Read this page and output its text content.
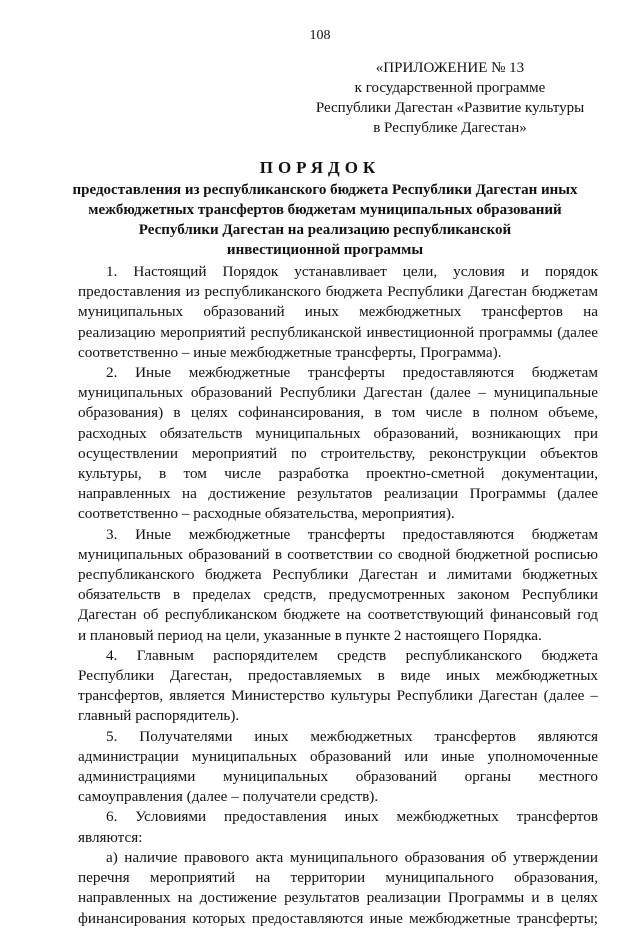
108
«ПРИЛОЖЕНИЕ № 13
к государственной программе
Республики Дагестан «Развитие культуры
в Республике Дагестан»
ПОРЯДОК
предоставления из республиканского бюджета Республики Дагестан иных
межбюджетных трансфертов бюджетам муниципальных образований
Республики Дагестан на реализацию республиканской
инвестиционной программы
1. Настоящий Порядок устанавливает цели, условия и порядок
предоставления из республиканского бюджета Республики Дагестан бюджетам
муниципальных образований иных межбюджетных трансфертов на
реализацию мероприятий республиканской инвестиционной программы (далее
соответственно – иные межбюджетные трансферты, Программа).
2. Иные межбюджетные трансферты предоставляются бюджетам
муниципальных образований Республики Дагестан (далее – муниципальные
образования) в целях софинансирования, в том числе в полном объеме,
расходных обязательств муниципальных образований, возникающих при
осуществлении мероприятий по строительству, реконструкции объектов
культуры, в том числе разработка проектно-сметной документации,
направленных на достижение результатов реализации Программы (далее
соответственно – расходные обязательства, мероприятия).
3. Иные межбюджетные трансферты предоставляются бюджетам
муниципальных образований в соответствии со сводной бюджетной росписью
республиканского бюджета Республики Дагестан и лимитами бюджетных
обязательств в пределах средств, предусмотренных законом Республики
Дагестан об республиканском бюджете на соответствующий финансовый год
и плановый период на цели, указанные в пункте 2 настоящего Порядка.
4. Главным распорядителем средств республиканского бюджета
Республики Дагестан, предоставляемых в виде иных межбюджетных
трансфертов, является Министерство культуры Республики Дагестан (далее –
главный распорядитель).
5. Получателями иных межбюджетных трансфертов являются
администрации муниципальных образований или иные уполномоченные
администрациями муниципальных образований органы местного
самоуправления (далее – получатели средств).
6. Условиями предоставления иных межбюджетных трансфертов
являются:
а) наличие правового акта муниципального образования об утверждении
перечня мероприятий на территории муниципального образования,
направленных на достижение результатов реализации Программы и в целях
финансирования которых предоставляются иные межбюджетные трансферты;
